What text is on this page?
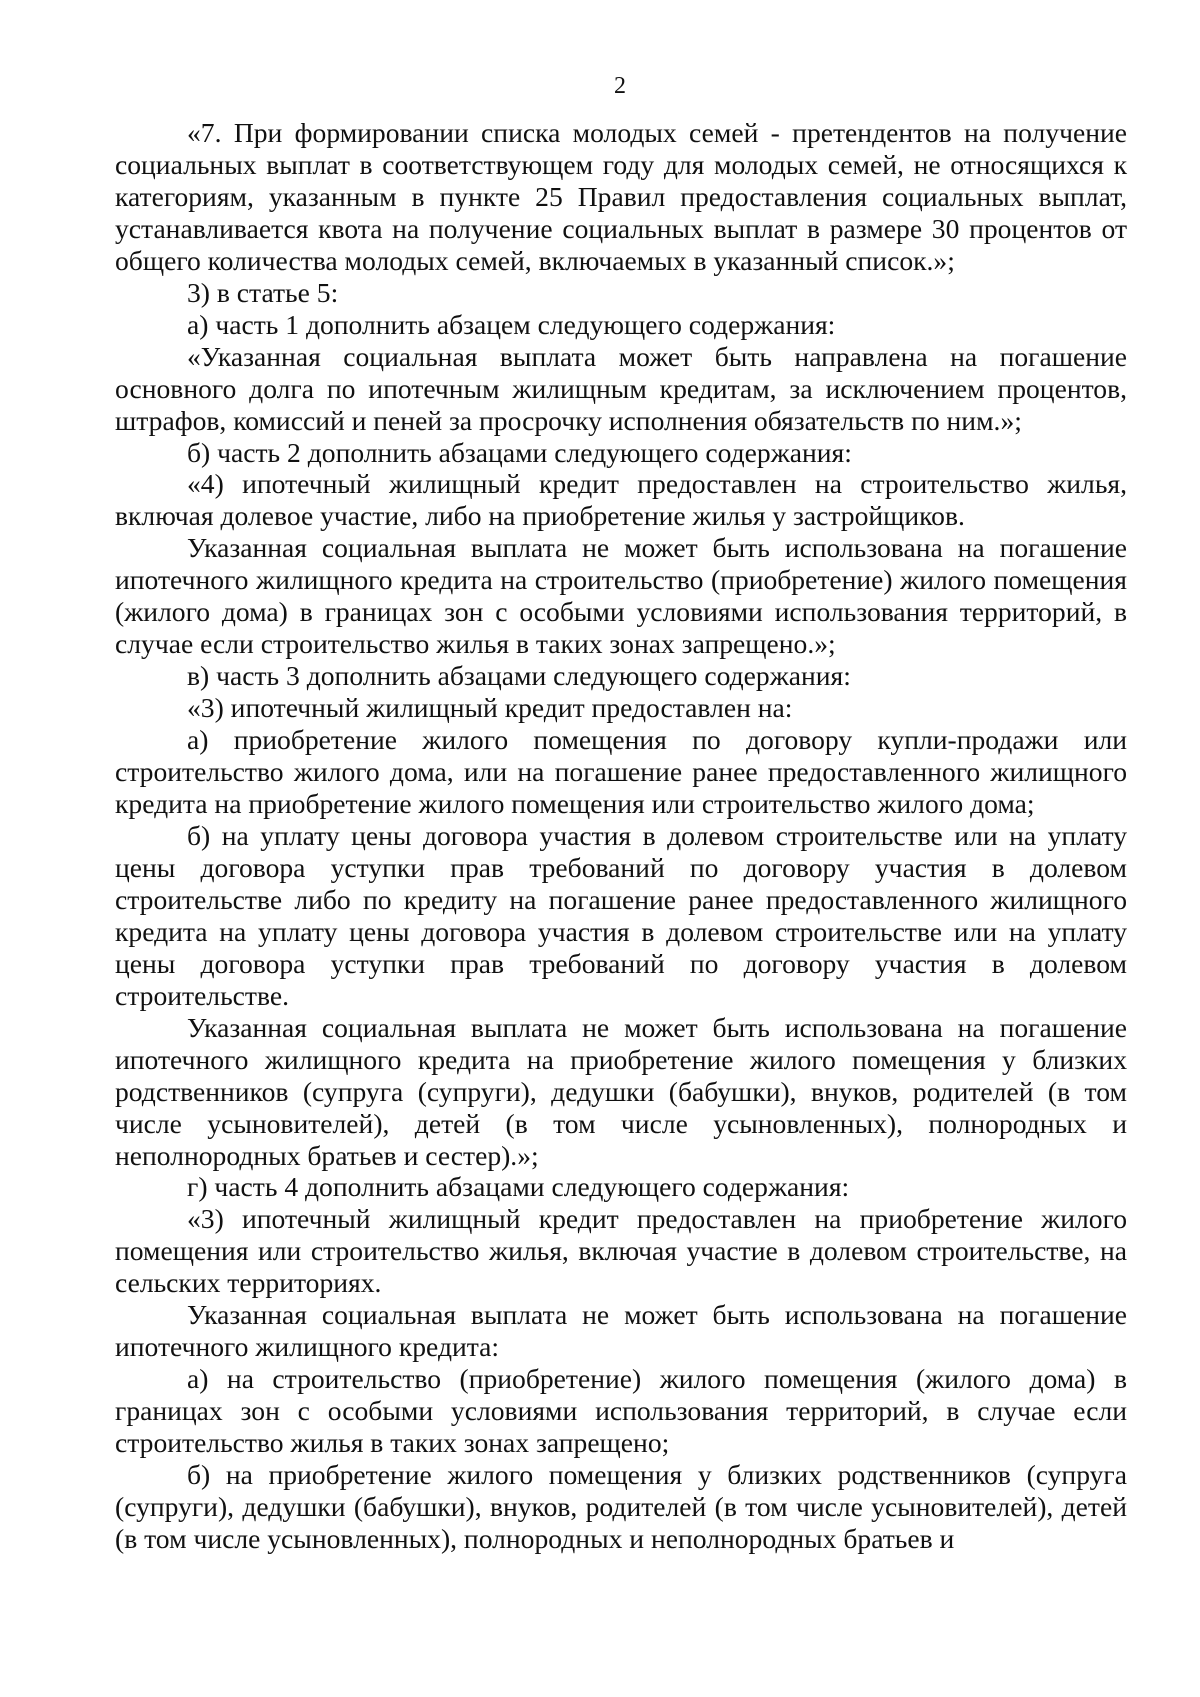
2

«7. При формировании списка молодых семей - претендентов на получение социальных выплат в соответствующем году для молодых семей, не относящихся к категориям, указанным в пункте 25 Правил предоставления социальных выплат, устанавливается квота на получение социальных выплат в размере 30 процентов от общего количества молодых семей, включаемых в указанный список.»;

3) в статье 5:

а) часть 1 дополнить абзацем следующего содержания:

«Указанная социальная выплата может быть направлена на погашение основного долга по ипотечным жилищным кредитам, за исключением процентов, штрафов, комиссий и пеней за просрочку исполнения обязательств по ним.»;

б) часть 2 дополнить абзацами следующего содержания:

«4) ипотечный жилищный кредит предоставлен на строительство жилья, включая долевое участие, либо на приобретение жилья у застройщиков.

Указанная социальная выплата не может быть использована на погашение ипотечного жилищного кредита на строительство (приобретение) жилого помещения (жилого дома) в границах зон с особыми условиями использования территорий, в случае если строительство жилья в таких зонах запрещено.»;

в) часть 3 дополнить абзацами следующего содержания:

«3) ипотечный жилищный кредит предоставлен на:

а) приобретение жилого помещения по договору купли-продажи или строительство жилого дома, или на погашение ранее предоставленного жилищного кредита на приобретение жилого помещения или строительство жилого дома;

б) на уплату цены договора участия в долевом строительстве или на уплату цены договора уступки прав требований по договору участия в долевом строительстве либо по кредиту на погашение ранее предоставленного жилищного кредита на уплату цены договора участия в долевом строительстве или на уплату цены договора уступки прав требований по договору участия в долевом строительстве.

Указанная социальная выплата не может быть использована на погашение ипотечного жилищного кредита на приобретение жилого помещения у близких родственников (супруга (супруги), дедушки (бабушки), внуков, родителей (в том числе усыновителей), детей (в том числе усыновленных), полнородных и неполнородных братьев и сестер).»;

г) часть 4 дополнить абзацами следующего содержания:

«3) ипотечный жилищный кредит предоставлен на приобретение жилого помещения или строительство жилья, включая участие в долевом строительстве, на сельских территориях.

Указанная социальная выплата не может быть использована на погашение ипотечного жилищного кредита:

а) на строительство (приобретение) жилого помещения (жилого дома) в границах зон с особыми условиями использования территорий, в случае если строительство жилья в таких зонах запрещено;

б) на приобретение жилого помещения у близких родственников (супруга (супруги), дедушки (бабушки), внуков, родителей (в том числе усыновителей), детей (в том числе усыновленных), полнородных и неполнородных братьев и
